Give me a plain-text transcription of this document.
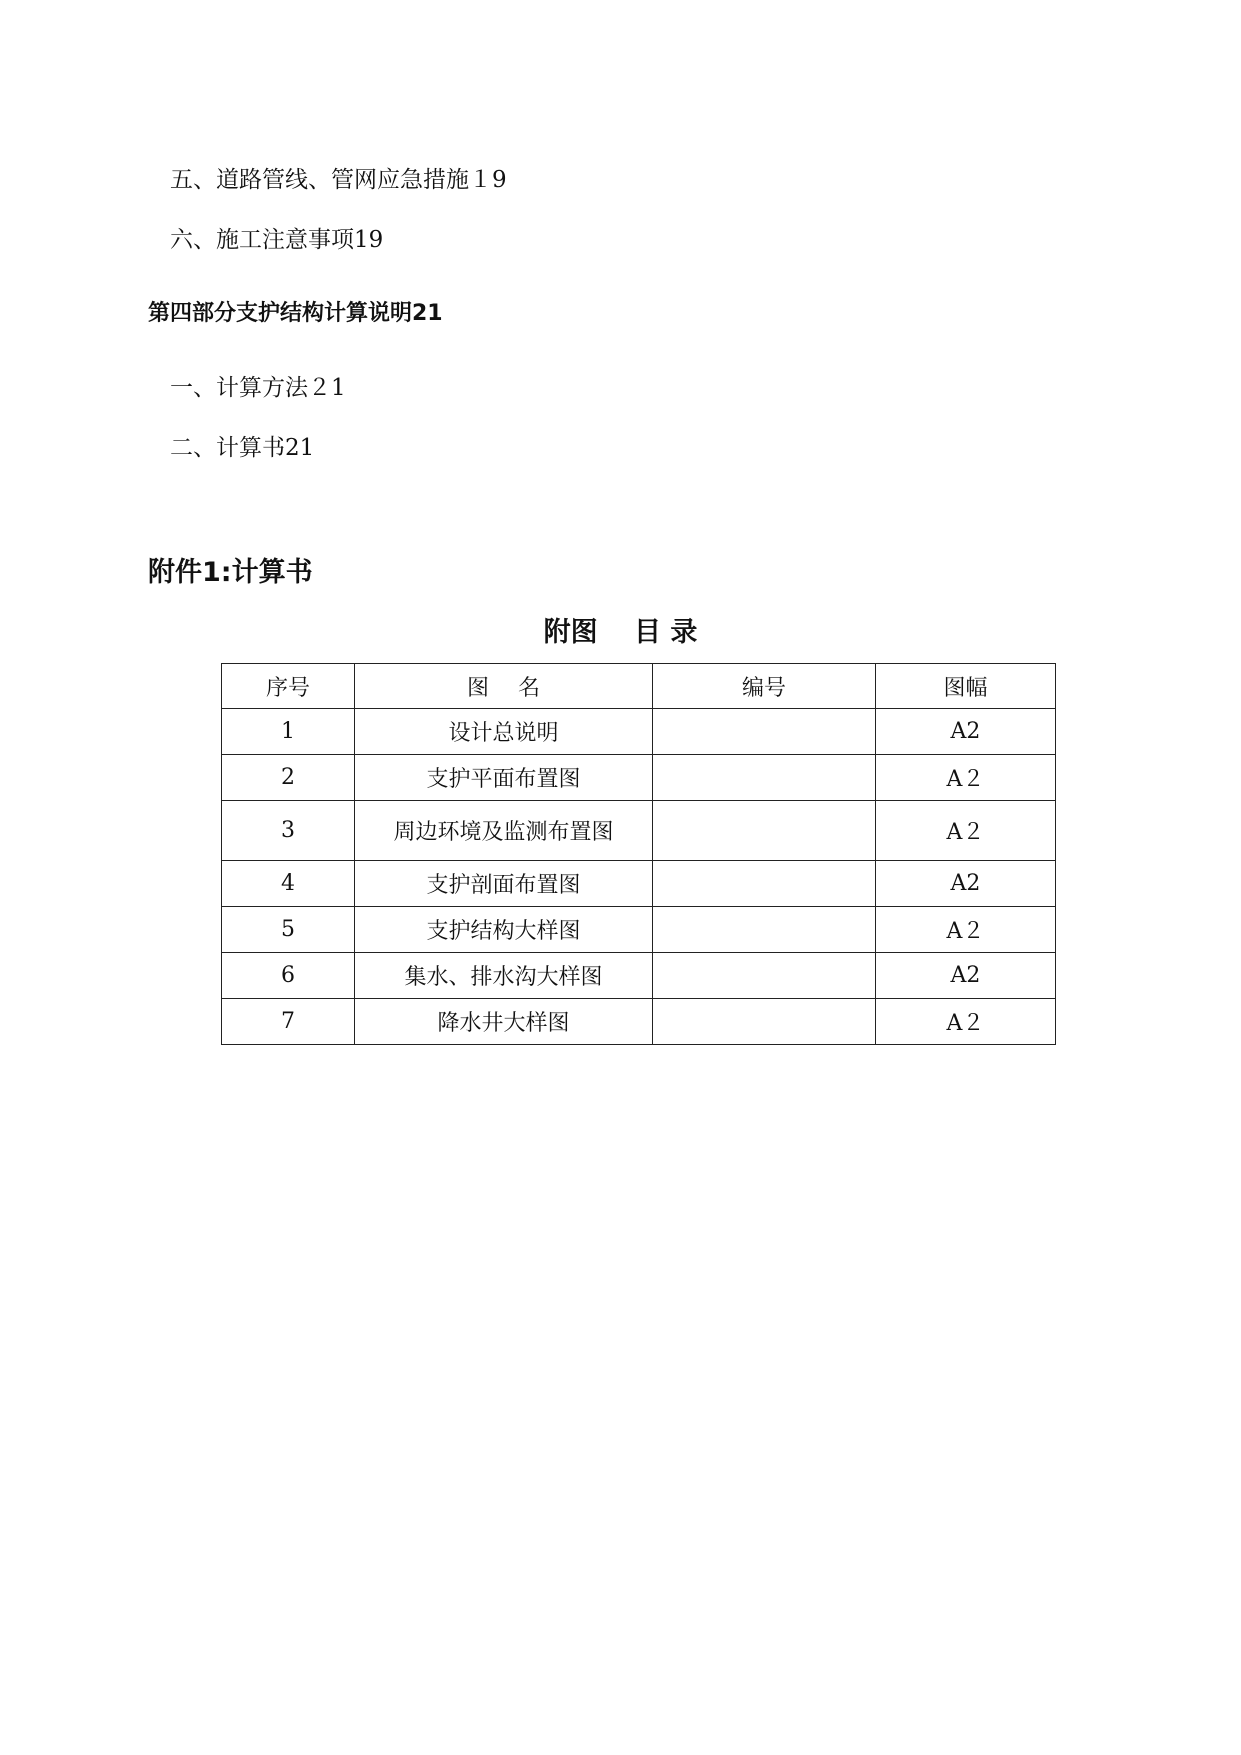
五、道路管线、管网应急措施１9
六、施工注意事项19
第四部分支护结构计算说明21
一、计算方法２1
二、计算书21
附件1:计算书
附图　 目 录
序号	图　 名	编号	图幅
1	设计总说明		A2
2	支护平面布置图		A２
3	周边环境及监测布置图		A２
4	支护剖面布置图		A2
5	支护结构大样图		A２
6	集水、排水沟大样图		A2
7	降水井大样图		A２
